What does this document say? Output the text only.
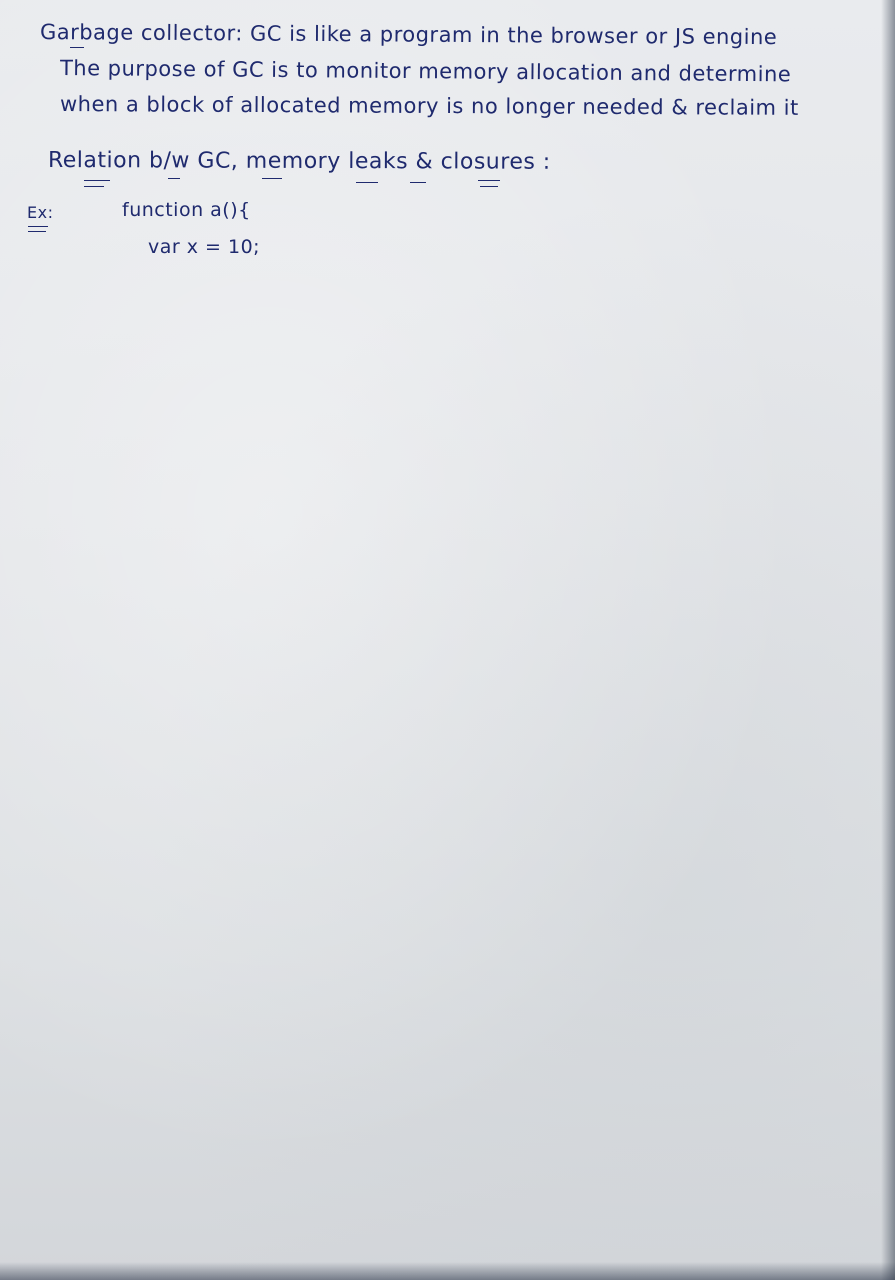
Garbage collector: GC is like a program in the browser or JS engine

The purpose of GC is to monitor memory allocation and determine

when a block of allocated memory is no longer needed & reclaim it

Relation b/w GC, memory leaks & closures :

Ex:	function a(){

var x = 10;
